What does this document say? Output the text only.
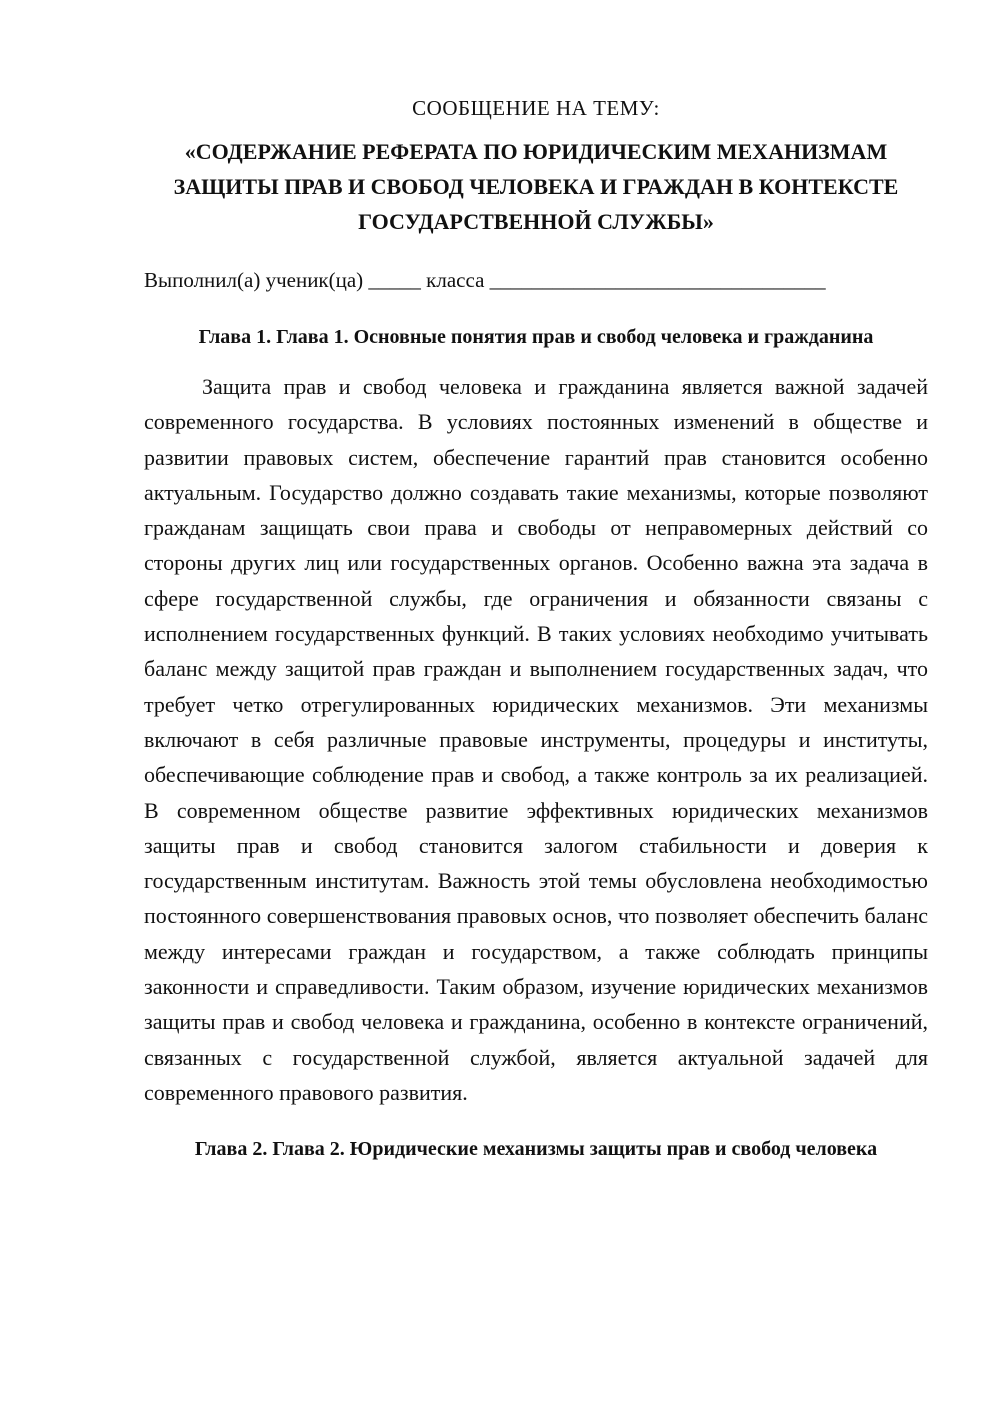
СООБЩЕНИЕ НА ТЕМУ:

«СОДЕРЖАНИЕ РЕФЕРАТА ПО ЮРИДИЧЕСКИМ МЕХАНИЗМАМ ЗАЩИТЫ ПРАВ И СВОБОД ЧЕЛОВЕКА И ГРАЖДАН В КОНТЕКСТЕ ГОСУДАРСТВЕННОЙ СЛУЖБЫ»

Выполнил(а) ученик(ца) _____ класса ________________________________

Глава 1. Глава 1. Основные понятия прав и свобод человека и гражданина

Защита прав и свобод человека и гражданина является важной задачей современного государства. В условиях постоянных изменений в обществе и развитии правовых систем, обеспечение гарантий прав становится особенно актуальным. Государство должно создавать такие механизмы, которые позволяют гражданам защищать свои права и свободы от неправомерных действий со стороны других лиц или государственных органов. Особенно важна эта задача в сфере государственной службы, где ограничения и обязанности связаны с исполнением государственных функций. В таких условиях необходимо учитывать баланс между защитой прав граждан и выполнением государственных задач, что требует четко отрегулированных юридических механизмов. Эти механизмы включают в себя различные правовые инструменты, процедуры и институты, обеспечивающие соблюдение прав и свобод, а также контроль за их реализацией. В современном обществе развитие эффективных юридических механизмов защиты прав и свобод становится залогом стабильности и доверия к государственным институтам. Важность этой темы обусловлена необходимостью постоянного совершенствования правовых основ, что позволяет обеспечить баланс между интересами граждан и государством, а также соблюдать принципы законности и справедливости. Таким образом, изучение юридических механизмов защиты прав и свобод человека и гражданина, особенно в контексте ограничений, связанных с государственной службой, является актуальной задачей для современного правового развития.

Глава 2. Глава 2. Юридические механизмы защиты прав и свобод человека
